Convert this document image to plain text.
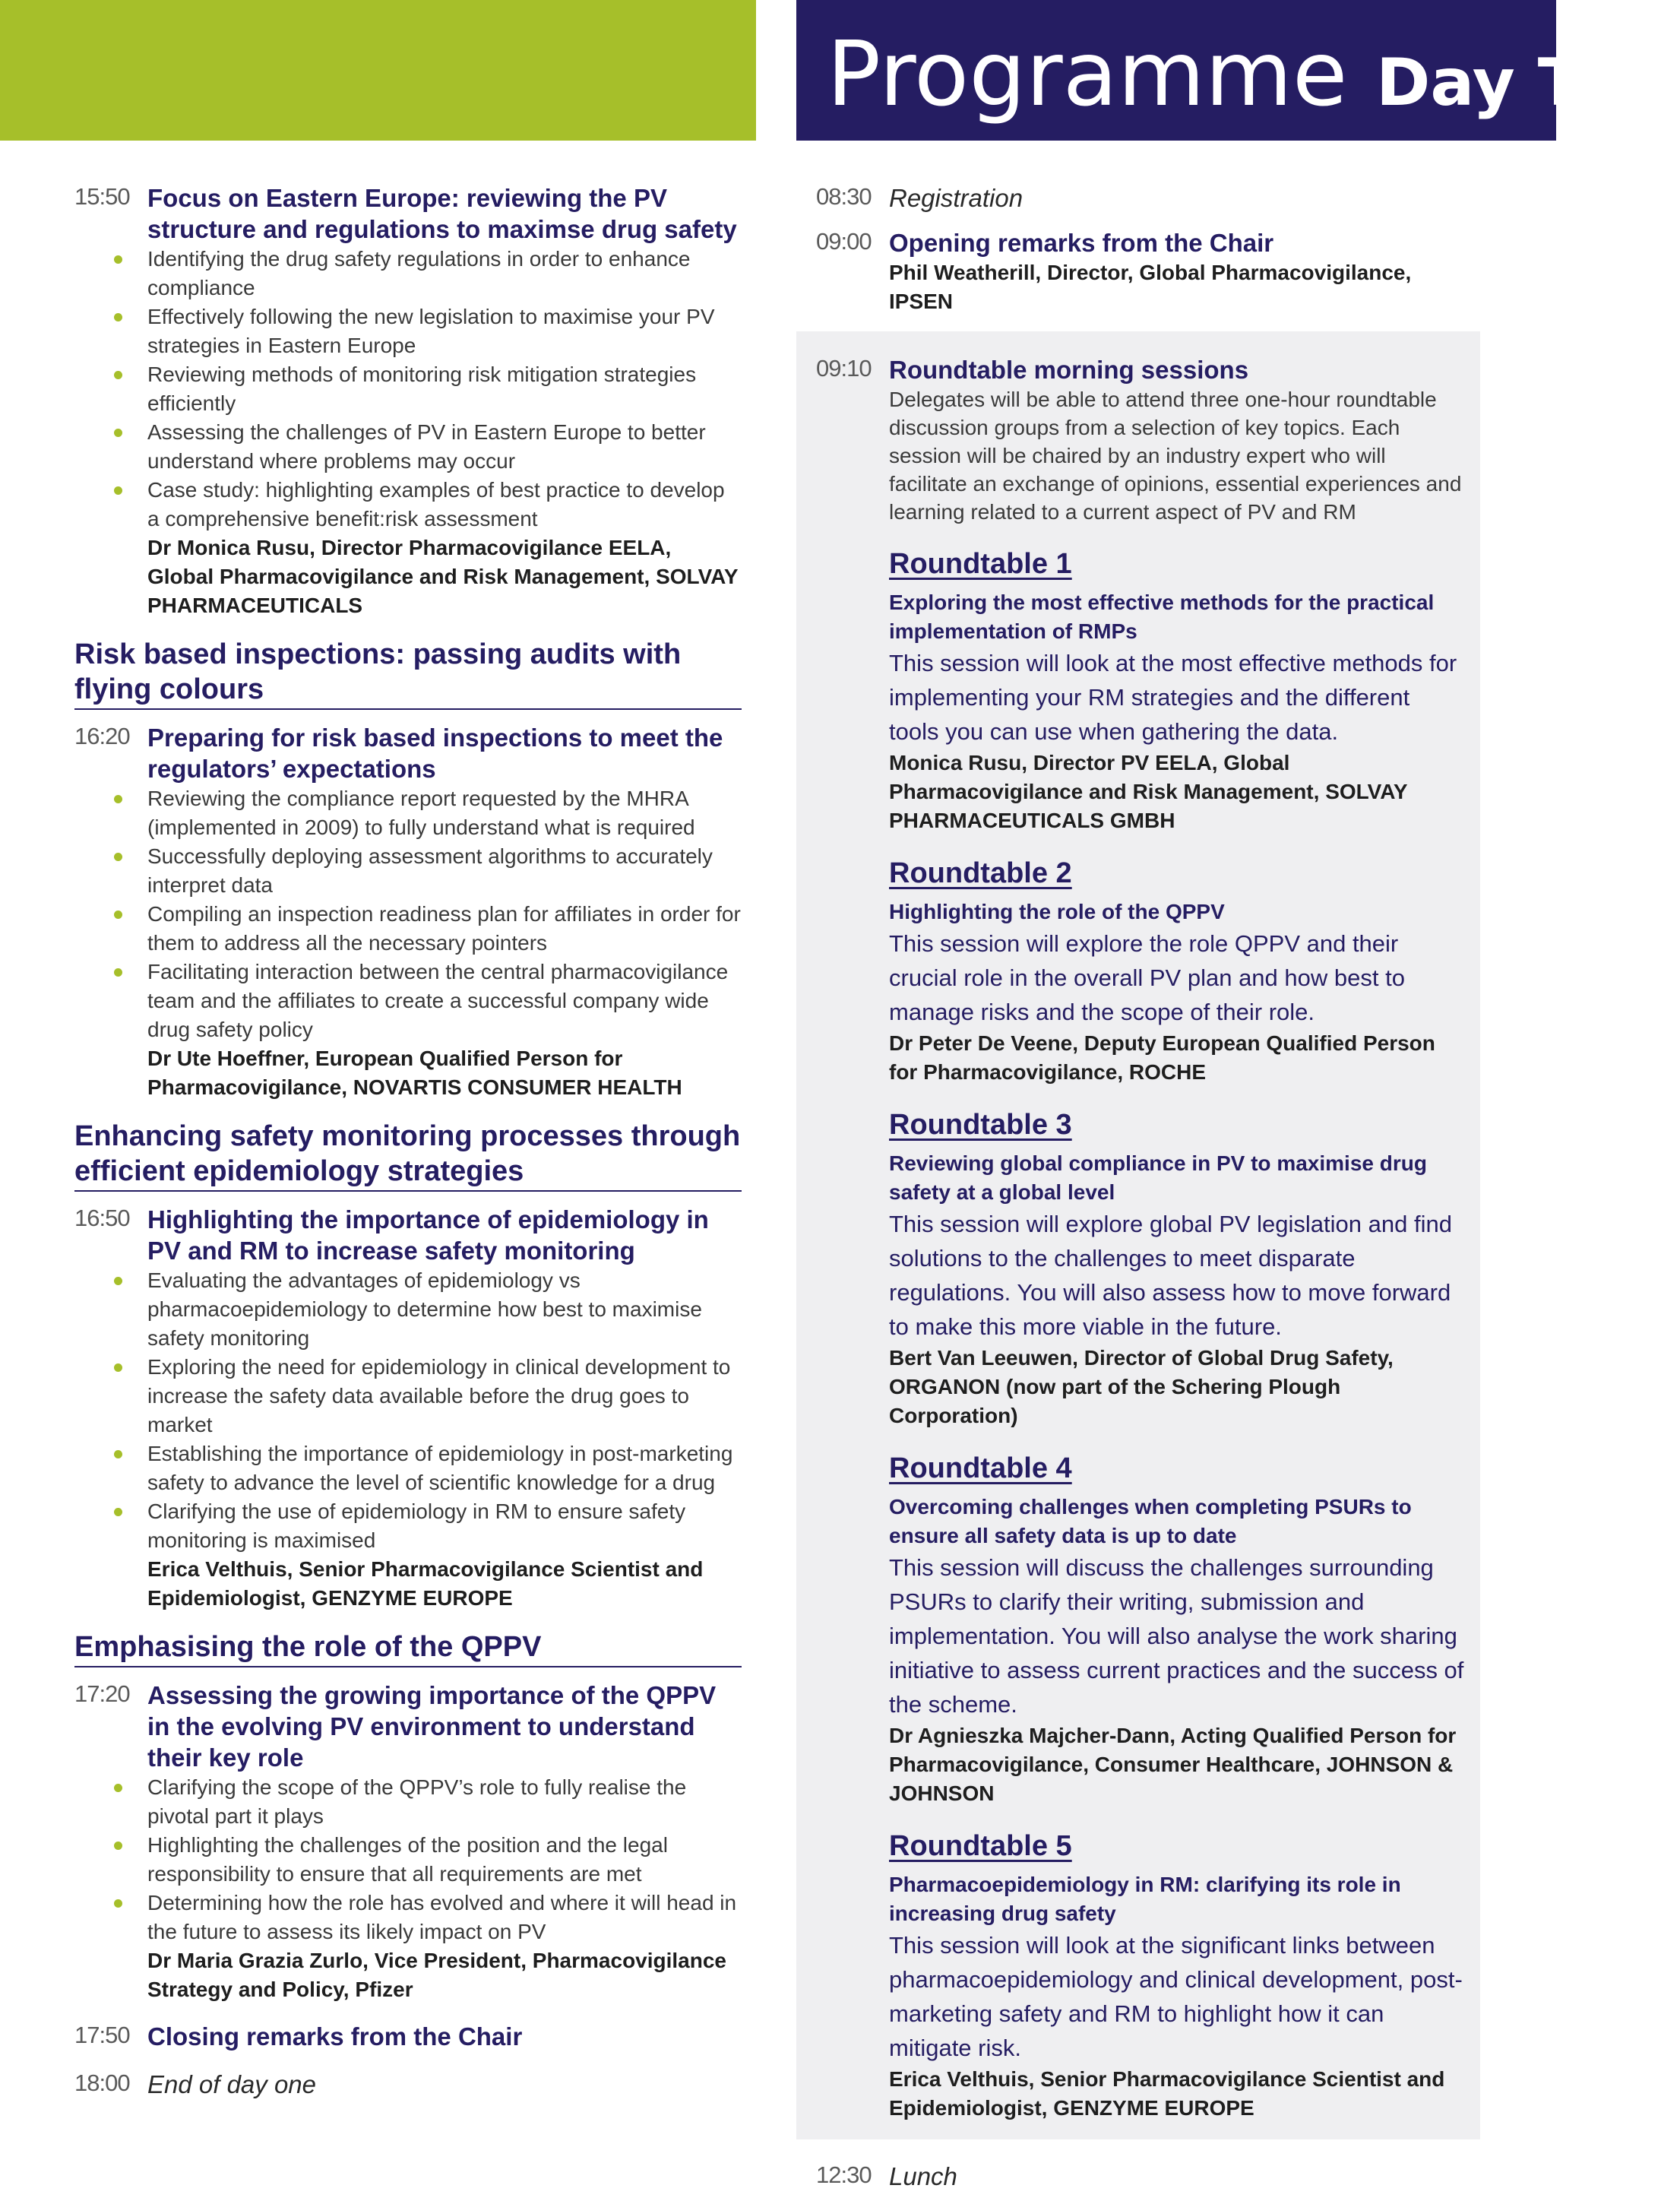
Programme Day Two
15:50 Focus on Eastern Europe: reviewing the PV structure and regulations to maximse drug safety
Identifying the drug safety regulations in order to enhance compliance
Effectively following the new legislation to maximise your PV strategies in Eastern Europe
Reviewing methods of monitoring risk mitigation strategies efficiently
Assessing the challenges of PV in Eastern Europe to better understand where problems may occur
Case study: highlighting examples of best practice to develop a comprehensive benefit:risk assessment
Dr Monica Rusu, Director Pharmacovigilance EELA, Global Pharmacovigilance and Risk Management, SOLVAY PHARMACEUTICALS
Risk based inspections: passing audits with flying colours
16:20 Preparing for risk based inspections to meet the regulators’ expectations
Reviewing the compliance report requested by the MHRA (implemented in 2009) to fully understand what is required
Successfully deploying assessment algorithms to accurately interpret data
Compiling an inspection readiness plan for affiliates in order for them to address all the necessary pointers
Facilitating interaction between the central pharmacovigilance team and the affiliates to create a successful company wide drug safety policy
Dr Ute Hoeffner, European Qualified Person for Pharmacovigilance, NOVARTIS CONSUMER HEALTH
Enhancing safety monitoring processes through efficient epidemiology strategies
16:50 Highlighting the importance of epidemiology in PV and RM to increase safety monitoring
Evaluating the advantages of epidemiology vs pharmacoepidemiology to determine how best to maximise safety monitoring
Exploring the need for epidemiology in clinical development to increase the safety data available before the drug goes to market
Establishing the importance of epidemiology in post-marketing safety to advance the level of scientific knowledge for a drug
Clarifying the use of epidemiology in RM to ensure safety monitoring is maximised
Erica Velthuis, Senior Pharmacovigilance Scientist and Epidemiologist, GENZYME EUROPE
Emphasising the role of the QPPV
17:20 Assessing the growing importance of the QPPV in the evolving PV environment to understand their key role
Clarifying the scope of the QPPV’s role to fully realise the pivotal part it plays
Highlighting the challenges of the position and the legal responsibility to ensure that all requirements are met
Determining how the role has evolved and where it will head in the future to assess its likely impact on PV
Dr Maria Grazia Zurlo, Vice President, Pharmacovigilance Strategy and Policy, Pfizer
17:50 Closing remarks from the Chair
18:00 End of day one
08:30 Registration
09:00 Opening remarks from the Chair
Phil Weatherill, Director, Global Pharmacovigilance, IPSEN
09:10 Roundtable morning sessions
Delegates will be able to attend three one-hour roundtable discussion groups from a selection of key topics. Each session will be chaired by an industry expert who will facilitate an exchange of opinions, essential experiences and learning related to a current aspect of PV and RM
Roundtable 1
Exploring the most effective methods for the practical implementation of RMPs
This session will look at the most effective methods for implementing your RM strategies and the different tools you can use when gathering the data.
Monica Rusu, Director PV EELA, Global Pharmacovigilance and Risk Management, SOLVAY PHARMACEUTICALS GMBH
Roundtable 2
Highlighting the role of the QPPV
This session will explore the role QPPV and their crucial role in the overall PV plan and how best to manage risks and the scope of their role.
Dr Peter De Veene, Deputy European Qualified Person for Pharmacovigilance, ROCHE
Roundtable 3
Reviewing global compliance in PV to maximise drug safety at a global level
This session will explore global PV legislation and find solutions to the challenges to meet disparate regulations. You will also assess how to move forward to make this more viable in the future.
Bert Van Leeuwen, Director of Global Drug Safety, ORGANON (now part of the Schering Plough Corporation)
Roundtable 4
Overcoming challenges when completing PSURs to ensure all safety data is up to date
This session will discuss the challenges surrounding PSURs to clarify their writing, submission and implementation. You will also analyse the work sharing initiative to assess current practices and the success of the scheme.
Dr Agnieszka Majcher-Dann, Acting Qualified Person for Pharmacovigilance, Consumer Healthcare, JOHNSON & JOHNSON
Roundtable 5
Pharmacoepidemiology in RM: clarifying its role in increasing drug safety
This session will look at the significant links between pharmacoepidemiology and clinical development, post-marketing safety and RM to highlight how it can mitigate risk.
Erica Velthuis, Senior Pharmacovigilance Scientist and Epidemiologist, GENZYME EUROPE
12:30 Lunch
